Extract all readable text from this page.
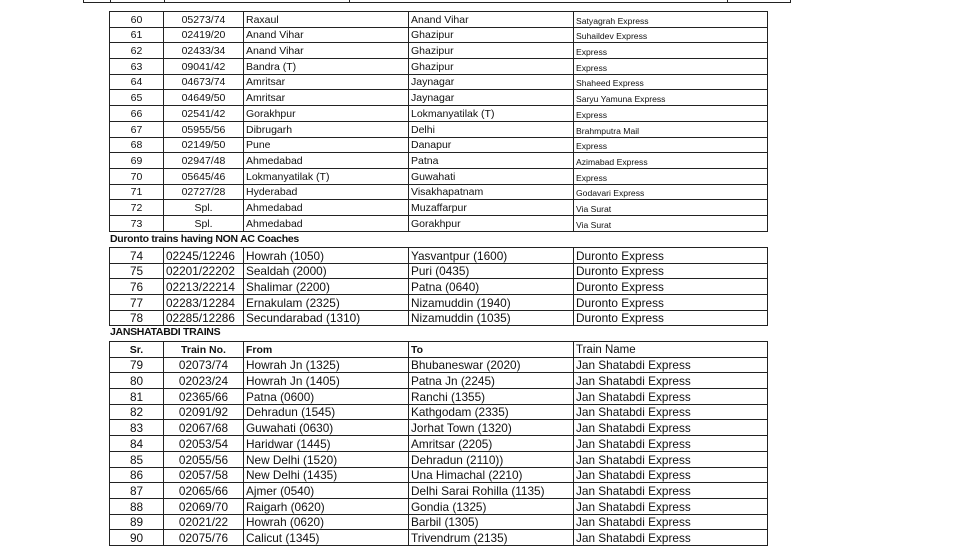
60	05273/74	Raxaul	Anand Vihar	Satyagrah Express
61	02419/20	Anand Vihar	Ghazipur	Suhaildev Express
62	02433/34	Anand Vihar	Ghazipur	Express
63	09041/42	Bandra (T)	Ghazipur	Express
64	04673/74	Amritsar	Jaynagar	Shaheed Express
65	04649/50	Amritsar	Jaynagar	Saryu Yamuna Express
66	02541/42	Gorakhpur	Lokmanyatilak (T)	Express
67	05955/56	Dibrugarh	Delhi	Brahmputra Mail
68	02149/50	Pune	Danapur	Express
69	02947/48	Ahmedabad	Patna	Azimabad Express
70	05645/46	Lokmanyatilak (T)	Guwahati	Express
71	02727/28	Hyderabad	Visakhapatnam	Godavari Express
72	Spl.	Ahmedabad	Muzaffarpur	Via Surat
73	Spl.	Ahmedabad	Gorakhpur	Via Surat
Duronto trains having NON AC Coaches
74	02245/12246	Howrah (1050)	Yasvantpur (1600)	Duronto Express
75	02201/22202	Sealdah (2000)	Puri (0435)	Duronto Express
76	02213/22214	Shalimar (2200)	Patna (0640)	Duronto Express
77	02283/12284	Ernakulam (2325)	Nizamuddin (1940)	Duronto Express
78	02285/12286	Secundarabad (1310)	Nizamuddin (1035)	Duronto Express
JANSHATABDI TRAINS
Sr.	Train No.	From	To	Train Name
79	02073/74	Howrah Jn (1325)	Bhubaneswar (2020)	Jan Shatabdi Express
80	02023/24	Howrah Jn (1405)	Patna Jn (2245)	Jan Shatabdi Express
81	02365/66	Patna (0600)	Ranchi (1355)	Jan Shatabdi Express
82	02091/92	Dehradun (1545)	Kathgodam (2335)	Jan Shatabdi Express
83	02067/68	Guwahati (0630)	Jorhat Town (1320)	Jan Shatabdi Express
84	02053/54	Haridwar (1445)	Amritsar (2205)	Jan Shatabdi Express
85	02055/56	New Delhi (1520)	Dehradun (2110))	Jan Shatabdi Express
86	02057/58	New Delhi (1435)	Una Himachal (2210)	Jan Shatabdi Express
87	02065/66	Ajmer (0540)	Delhi Sarai Rohilla (1135)	Jan Shatabdi Express
88	02069/70	Raigarh (0620)	Gondia (1325)	Jan Shatabdi Express
89	02021/22	Howrah (0620)	Barbil (1305)	Jan Shatabdi Express
90	02075/76	Calicut (1345)	Trivendrum (2135)	Jan Shatabdi Express
